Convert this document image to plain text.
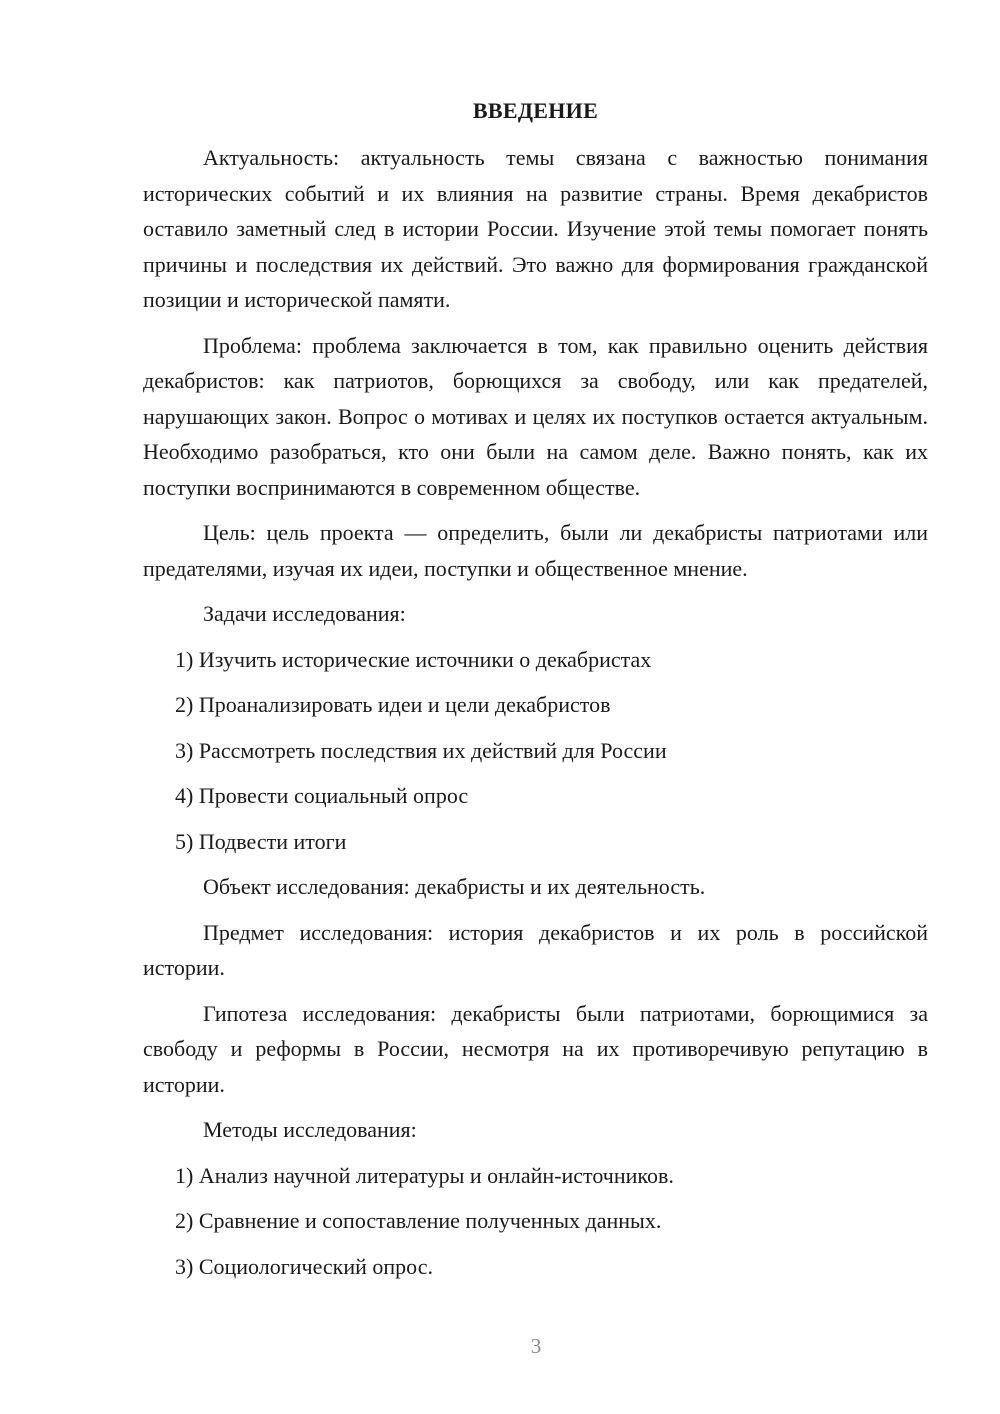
ВВЕДЕНИЕ

Актуальность: актуальность темы связана с важностью понимания исторических событий и их влияния на развитие страны. Время декабристов оставило заметный след в истории России. Изучение этой темы помогает понять причины и последствия их действий. Это важно для формирования гражданской позиции и исторической памяти.

Проблема: проблема заключается в том, как правильно оценить действия декабристов: как патриотов, борющихся за свободу, или как предателей, нарушающих закон. Вопрос о мотивах и целях их поступков остается актуальным. Необходимо разобраться, кто они были на самом деле. Важно понять, как их поступки воспринимаются в современном обществе.

Цель: цель проекта — определить, были ли декабристы патриотами или предателями, изучая их идеи, поступки и общественное мнение.

Задачи исследования:

1) Изучить исторические источники о декабристах

2) Проанализировать идеи и цели декабристов

3) Рассмотреть последствия их действий для России

4) Провести социальный опрос

5) Подвести итоги

Объект исследования: декабристы и их деятельность.

Предмет исследования: история декабристов и их роль в российской истории.

Гипотеза исследования: декабристы были патриотами, борющимися за свободу и реформы в России, несмотря на их противоречивую репутацию в истории.

Методы исследования:

1) Анализ научной литературы и онлайн-источников.

2) Сравнение и сопоставление полученных данных.

3) Социологический опрос.

3
